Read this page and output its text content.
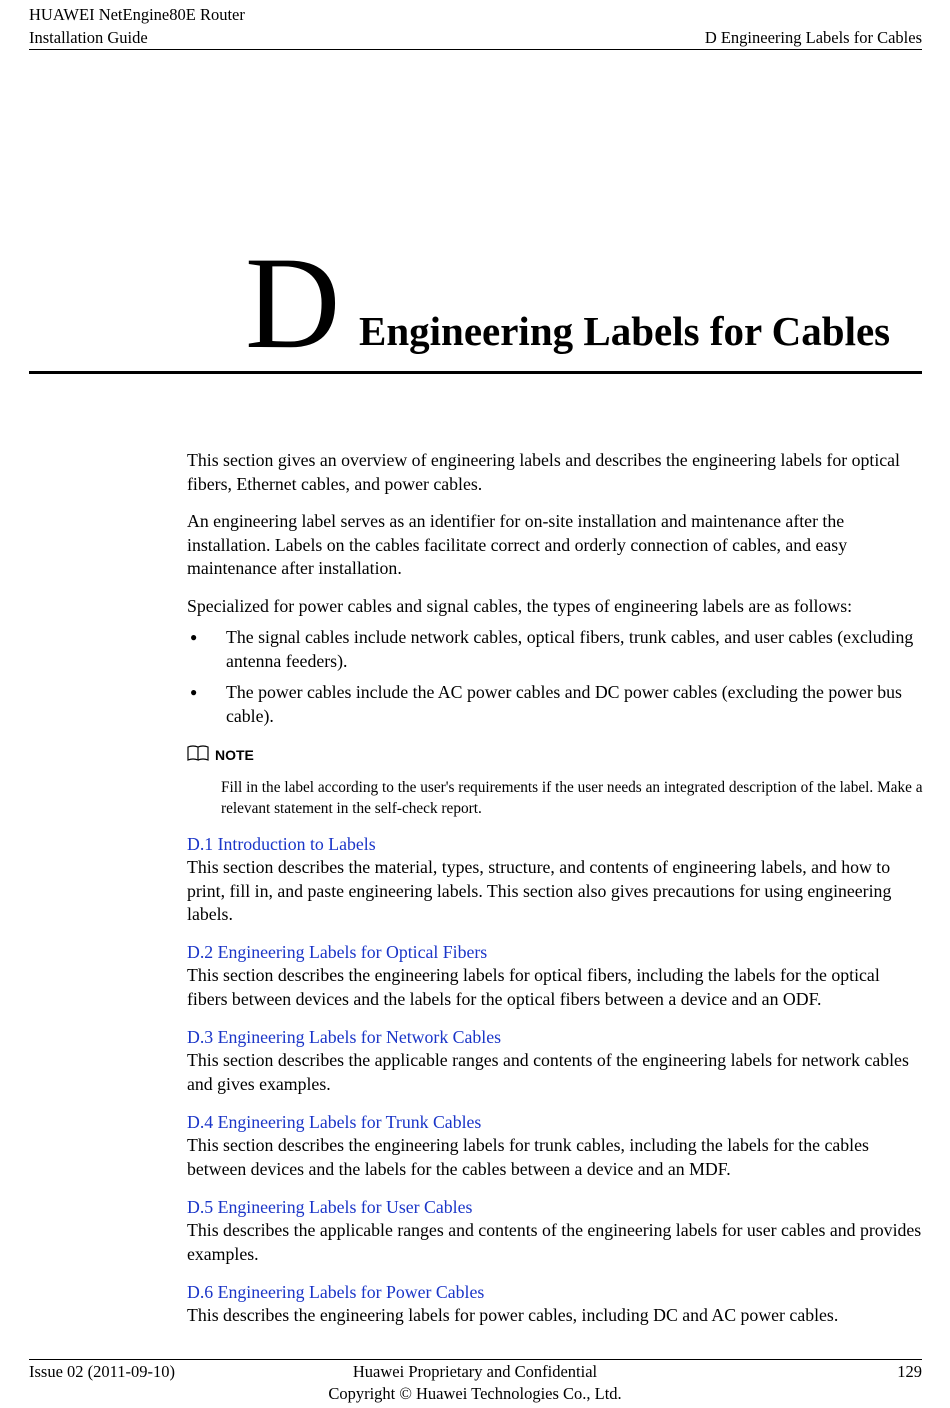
HUAWEI NetEngine80E Router
Installation Guide	D Engineering Labels for Cables
D Engineering Labels for Cables

This section gives an overview of engineering labels and describes the engineering labels for optical fibers, Ethernet cables, and power cables.

An engineering label serves as an identifier for on-site installation and maintenance after the installation. Labels on the cables facilitate correct and orderly connection of cables, and easy maintenance after installation.

Specialized for power cables and signal cables, the types of engineering labels are as follows:

● The signal cables include network cables, optical fibers, trunk cables, and user cables (excluding antenna feeders).

● The power cables include the AC power cables and DC power cables (excluding the power bus cable).

NOTE

Fill in the label according to the user's requirements if the user needs an integrated description of the label. Make a relevant statement in the self-check report.

D.1 Introduction to Labels

This section describes the material, types, structure, and contents of engineering labels, and how to print, fill in, and paste engineering labels. This section also gives precautions for using engineering labels.

D.2 Engineering Labels for Optical Fibers

This section describes the engineering labels for optical fibers, including the labels for the optical fibers between devices and the labels for the optical fibers between a device and an ODF.

D.3 Engineering Labels for Network Cables

This section describes the applicable ranges and contents of the engineering labels for network cables and gives examples.

D.4 Engineering Labels for Trunk Cables

This section describes the engineering labels for trunk cables, including the labels for the cables between devices and the labels for the cables between a device and an MDF.

D.5 Engineering Labels for User Cables

This describes the applicable ranges and contents of the engineering labels for user cables and provides examples.

D.6 Engineering Labels for Power Cables

This describes the engineering labels for power cables, including DC and AC power cables.

Issue 02 (2011-09-10)	Huawei Proprietary and Confidential
Copyright © Huawei Technologies Co., Ltd.
129
